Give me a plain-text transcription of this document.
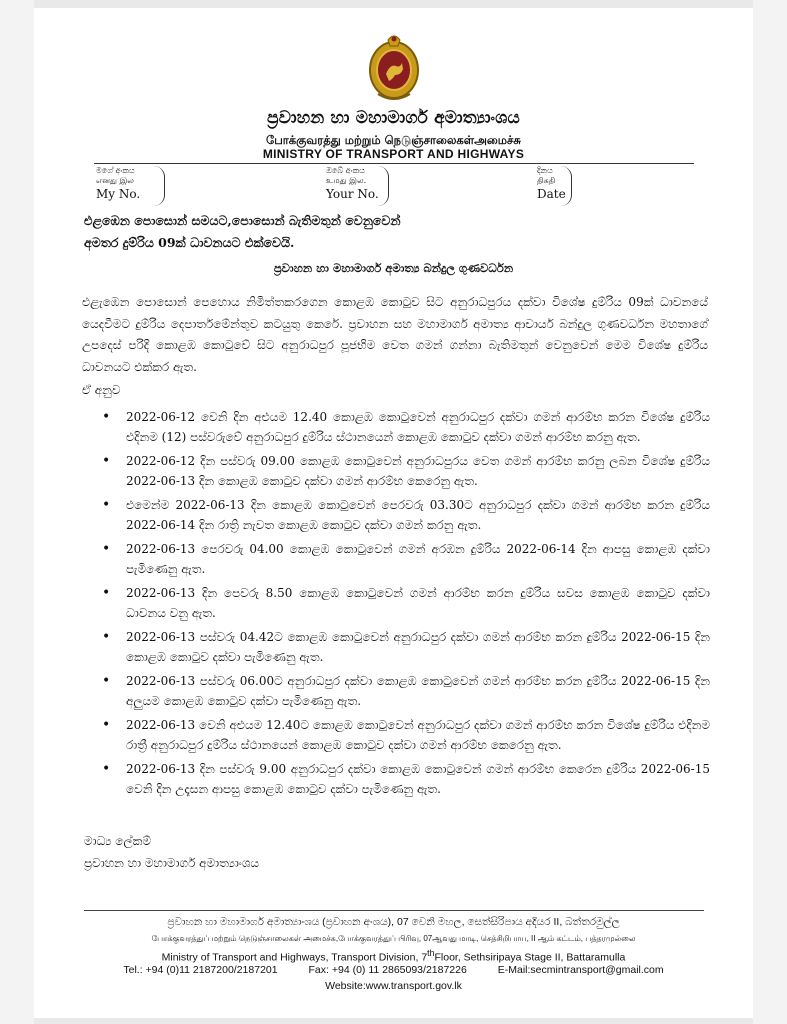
ප්‍රවාහන හා මහාමාර්ග අමාත්‍යාංශය
போக்குவரத்து மற்றும் நெடுஞ்சாலைகள்அமைச்சு
MINISTRY OF TRANSPORT AND HIGHWAYS
මගේ අංකය
எனது இல
My No.
ඔබේ අංකය
உமது இல.
Your No.
දිනය
திகதி
Date
එළඹෙන පොසොන් සමයට,පොසොන් බැතිමතුන් වෙනුවෙන්
අමතර දුම්රිය 09ක් ධාවනයට එක්වෙයි.
ප්‍රවාහන හා මහාමාර්ග අමාත්‍ය බන්දුල ගුණවර්ධන
එළැඹෙන පොසොන් පෙහොය නිමිත්තකරගෙන කොළඹ කොටුව සිට අනුරාධපුරය දක්වා විශේෂ දුම්රිය 09ක් ධාවනයේ යෙදවීමට දුම්රිය දෙපාර්තමේන්තුව කටයුතු කෙරේ. ප්‍රවාහන සහ මහාමාර්ග අමාත්‍ය ආචාර්ය බන්දුල ගුණවර්ධන මහතාගේ උපදෙස් පරිදි කොළඹ කොටුවේ සිට අනුරාධපුර පූජභිම වෙත ගමන් ගන්නා බැතිමතුන් වෙනුවෙන් මෙම විශේෂ දුම්රිය ධාවනයට එක්කර ඇත.
ඒ අනුව
• 2022-06-12 වෙනි දින අළුයම 12.40 කොළඹ කොටුවෙන් අනුරාධපුර දක්වා ගමන් ආරම්භ කරන විශේෂ දුම්රිය එදිනම (12) පස්වරුවේ අනුරාධපුර දුම්රිය ස්ථානයෙන් කොළඹ කොටුව දක්වා ගමන් ආරම්භ කරනු ඇත.
• 2022-06-12 දින පස්වරු 09.00 කොළඹ කොටුවෙන් අනුරාධපුරය වෙත ගමන් ආරම්භ කරනු ලබන විශේෂ දුම්රිය 2022-06-13 දින කොළඹ කොටුව දක්වා ගමන් ආරම්භ කෙරෙනු ඇත.
• එමෙන්ම 2022-06-13 දින කොළඹ කොටුවෙන් පෙරවරු 03.30ට අනුරාධපුර දක්වා ගමන් ආරම්භ කරන දුම්රිය 2022-06-14 දින රාත්‍රි නැවත කොළඹ කොටුව දක්වා ගමන් කරනු ඇත.
• 2022-06-13 පෙරවරු 04.00 කොළඹ කොටුවෙන් ගමන් අරඹන දුම්රිය 2022-06-14 දින ආපසු කොළඹ දක්වා පැමිණෙනු ඇත.
• 2022-06-13 දින පෙවරු 8.50 කොළඹ කොටුවෙන් ගමන් ආරම්භ කරන දුම්රිය සවස කොළඹ කොටුව දක්වා ධාවනය වනු ඇත.
• 2022-06-13 පස්වරු 04.42ට කොළඹ කොටුවෙන් අනුරාධපුර දක්වා ගමන් ආරම්භ කරන දුම්රිය 2022-06-15 දින කොළඹ කොටුව දක්වා පැමිණෙනු ඇත.
• 2022-06-13 පස්වරු 06.00ට අනුරාධපුර දක්වා කොළඹ කොටුවෙන් ගමන් ආරම්භ කරන දුම්රිය 2022-06-15 දින අලුයම කොළඹ කොටුව දක්වා පැමිණෙනු ඇත.
• 2022-06-13 වෙනි අළුයම 12.40ට කොළඹ කොටුවෙන් අනුරාධපුර දක්වා ගමන් ආරම්භ කරන විශේෂ දුම්රිය එදිනම රාත්‍රී අනුරාධපුර දුම්රිය ස්ථානයෙන් කොළඹ කොටුව දක්වා ගමන් ආරම්භ කෙරෙනු ඇත.
• 2022-06-13 දින පස්වරු 9.00 අනුරාධපුර දක්වා කොළඹ කොටුවෙන් ගමන් ආරම්භ කෙරෙන දුම්රිය 2022-06-15 වෙනි දින උදෑසන ආපසු කොළඹ කොටුව දක්වා පැමිණෙනු ඇත.
මාධ්‍ය ලේකම්
ප්‍රවාහන හා මහාමාර්ග අමාත්‍යාංශය
ප්‍රවාහන හා මහාමාර්ග අමාත්‍යාංශය (ප්‍රවාහන අංශය), 07 වෙනි මහල, සෙත්සිරිපාය අදියර II, බත්තරමුල්ල
போக்குவரத்துப் மற்றும் நெடுஞ்சாலைகள் அமைச்சு,போக்குவரத்துப் பிரிவு, 07ஆவது மாடி, செத்சிறிபாய, II ஆம் கட்டம், பத்தரமுல்லை
Ministry of Transport and Highways, Transport Division, 7thFloor, Sethsiripaya Stage II, Battaramulla
Tel.: +94 (0)11 2187200/2187201	Fax: +94 (0) 11 2865093/2187226	E-Mail:secmintransport@gmail.com
Website:www.transport.gov.lk
